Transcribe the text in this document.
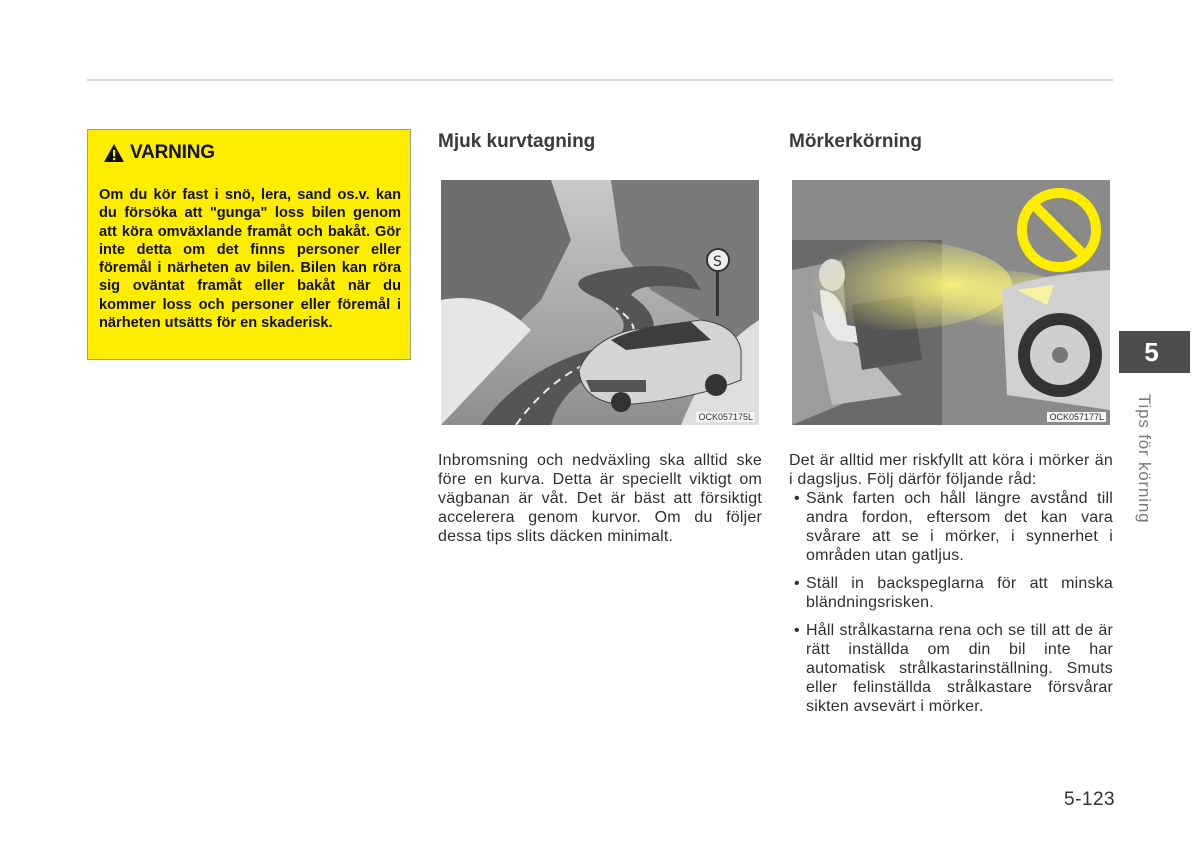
VARNING
Om du kör fast i snö, lera, sand os.v. kan du försöka att "gunga" loss bilen genom att köra omväxlande framåt och bakåt. Gör inte detta om det finns personer eller föremål i närheten av bilen. Bilen kan röra sig oväntat framåt eller bakåt när du kommer loss och personer eller föremål i närheten utsätts för en skaderisk.
Mjuk kurvtagning	Mörkerkörning
S
OCK057175L	OCK057177L
Inbromsning och nedväxling ska alltid ske före en kurva. Detta är speciellt viktigt om vägbanan är våt. Det är bäst att försiktigt accelerera genom kurvor. Om du följer dessa tips slits däcken minimalt.
Det är alltid mer riskfyllt att köra i mörker än i dagsljus. Följ därför följande råd:
• Sänk farten och håll längre avstånd till andra fordon, eftersom det kan vara svårare att se i mörker, i synnerhet i områden utan gatljus.
• Ställ in backspeglarna för att minska bländningsrisken.
• Håll strålkastarna rena och se till att de är rätt inställda om din bil inte har automatisk strålkastarinställning. Smuts eller felinställda strålkastare försvårar sikten avsevärt i mörker.
5
Tips för körning
5-123
